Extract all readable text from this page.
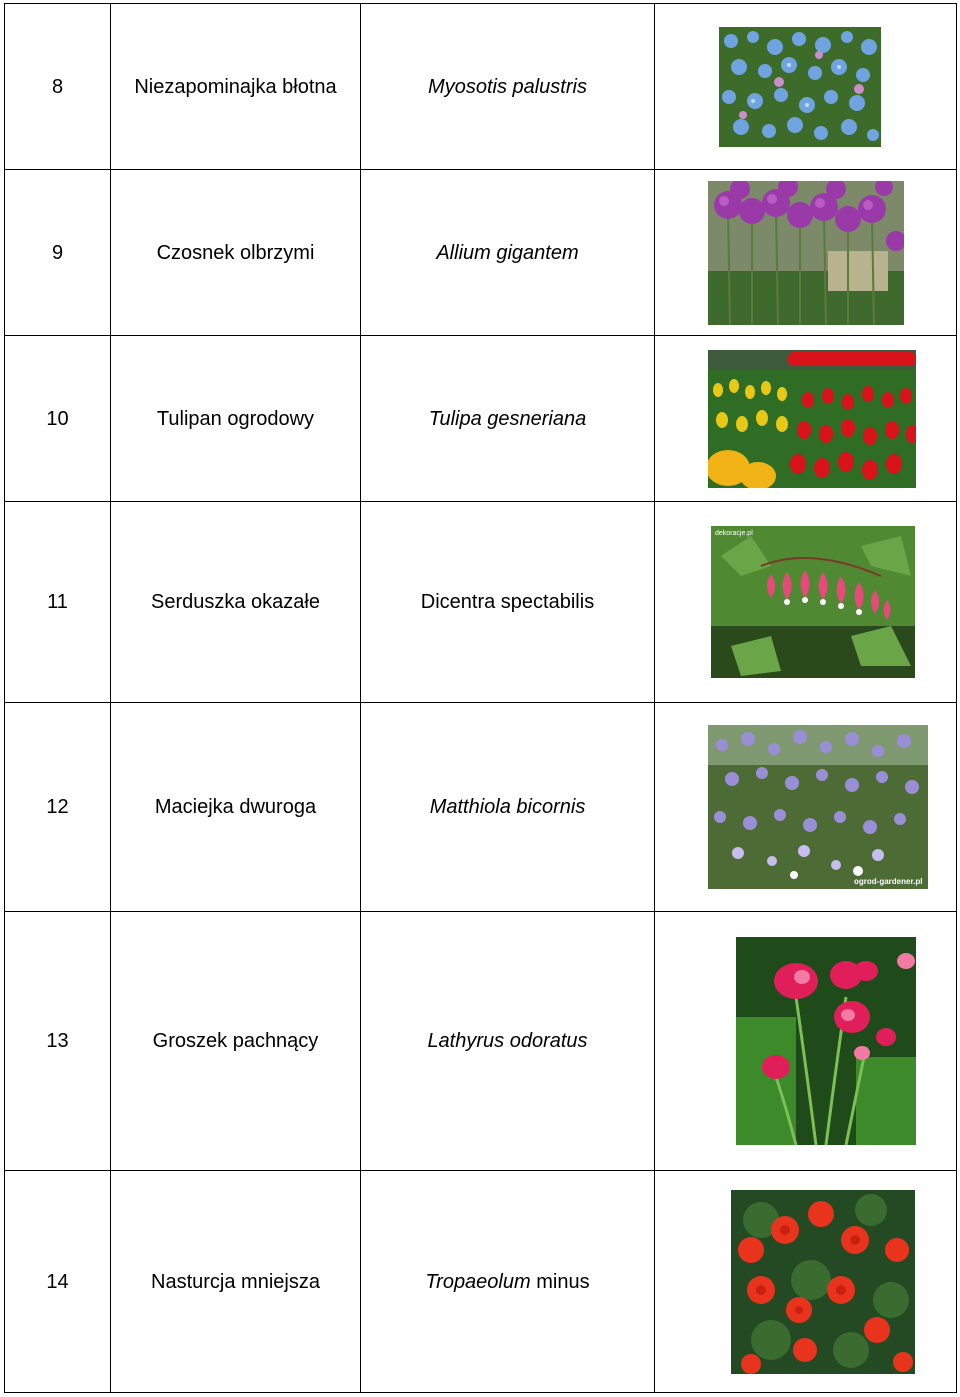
8	Niezapominajka błotna	Myosotis palustris	

9	Czosnek olbrzymi	Allium gigantem	

10	Tulipan ogrodowy	Tulipa gesneriana	

11	Serduszka okazałe	Dicentra spectabilis	dekoracje.pl

12	Maciejka dwuroga	Matthiola bicornis	ogrod-gardener.pl

13	Groszek pachnący	Lathyrus odoratus	

14	Nasturcja mniejsza	Tropaeolum minus	
